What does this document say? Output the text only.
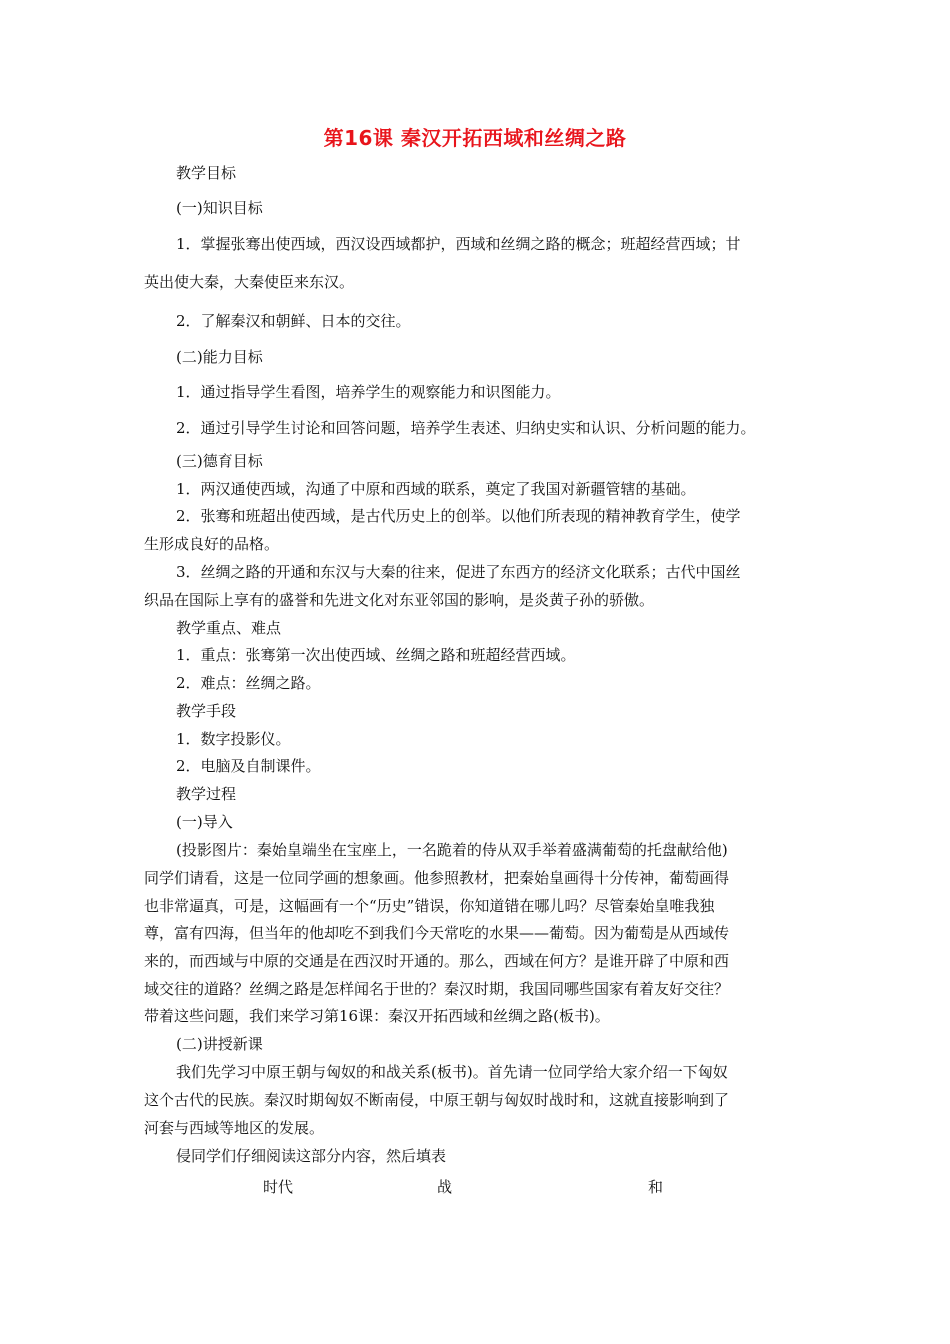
第16课 秦汉开拓西域和丝绸之路
教学目标
(一)知识目标
1．掌握张骞出使西域，西汉设西域都护，西域和丝绸之路的概念；班超经营西域；甘
英出使大秦，大秦使臣来东汉。
2．了解秦汉和朝鲜、日本的交往。
(二)能力目标
1．通过指导学生看图，培养学生的观察能力和识图能力。
2．通过引导学生讨论和回答问题，培养学生表述、归纳史实和认识、分析问题的能力。
(三)德育目标
1．两汉通使西域，沟通了中原和西域的联系，奠定了我国对新疆管辖的基础。
2．张骞和班超出使西域，是古代历史上的创举。以他们所表现的精神教育学生，使学
生形成良好的品格。
3．丝绸之路的开通和东汉与大秦的往来，促进了东西方的经济文化联系；古代中国丝
织品在国际上享有的盛誉和先进文化对东亚邻国的影响，是炎黄子孙的骄傲。
教学重点、难点
1．重点：张骞第一次出使西域、丝绸之路和班超经营西域。
2．难点：丝绸之路。
教学手段
1．数字投影仪。
2．电脑及自制课件。
教学过程
(一)导入
(投影图片：秦始皇端坐在宝座上，一名跪着的侍从双手举着盛满葡萄的托盘献给他)
同学们请看，这是一位同学画的想象画。他参照教材，把秦始皇画得十分传神，葡萄画得
也非常逼真，可是，这幅画有一个“历史”错误，你知道错在哪儿吗？尽管秦始皇唯我独
尊，富有四海，但当年的他却吃不到我们今天常吃的水果——葡萄。因为葡萄是从西域传
来的，而西域与中原的交通是在西汉时开通的。那么，西域在何方？是谁开辟了中原和西
域交往的道路？丝绸之路是怎样闻名于世的？秦汉时期，我国同哪些国家有着友好交往？
带着这些问题，我们来学习第16课：秦汉开拓西域和丝绸之路(板书)。
(二)讲授新课
我们先学习中原王朝与匈奴的和战关系(板书)。首先请一位同学给大家介绍一下匈奴
这个古代的民族。秦汉时期匈奴不断南侵，中原王朝与匈奴时战时和，这就直接影响到了
河套与西域等地区的发展。
侵同学们仔细阅读这部分内容，然后填表
时代	战	和
